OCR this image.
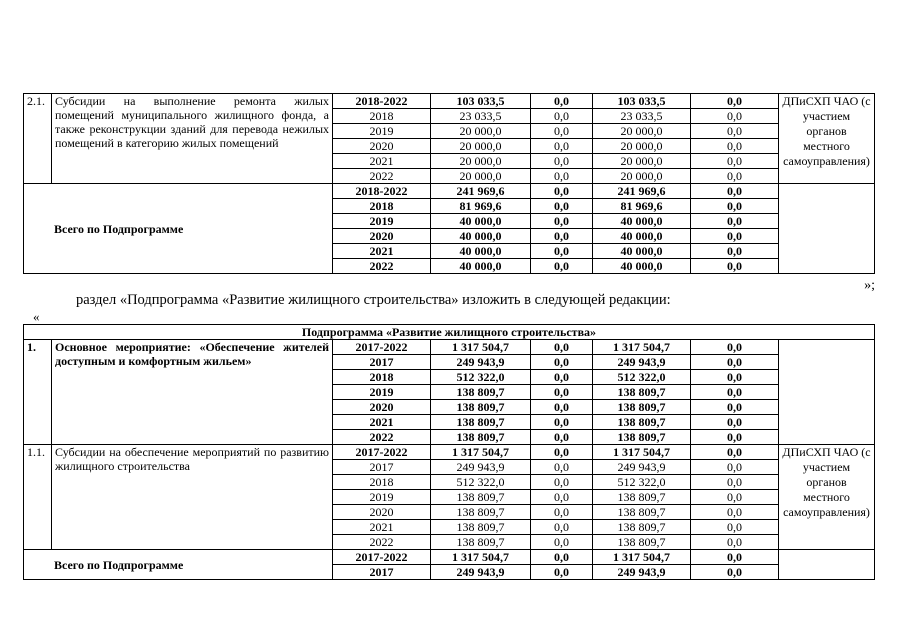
2.1.	Субсидии на выполнение ремонта жилых помещений муниципального жилищного фонда, а также реконструкции зданий для перевода нежилых помещений в категорию жилых помещений	2018-2022	103 033,5	0,0	103 033,5	0,0	ДПиСХП ЧАО (с участием органов местного самоуправления)
		2018	23 033,5	0,0	23 033,5	0,0	
		2019	20 000,0	0,0	20 000,0	0,0	
		2020	20 000,0	0,0	20 000,0	0,0	
		2021	20 000,0	0,0	20 000,0	0,0	
		2022	20 000,0	0,0	20 000,0	0,0	
Всего по Подпрограмме		2018-2022	241 969,6	0,0	241 969,6	0,0	
		2018	81 969,6	0,0	81 969,6	0,0	
		2019	40 000,0	0,0	40 000,0	0,0	
		2020	40 000,0	0,0	40 000,0	0,0	
		2021	40 000,0	0,0	40 000,0	0,0	
		2022	40 000,0	0,0	40 000,0	0,0	
»;
раздел «Подпрограмма «Развитие жилищного строительства» изложить в следующей редакции:
«
Подпрограмма «Развитие жилищного строительства»							
1.	Основное мероприятие: «Обеспечение жителей доступным и комфортным жильем»	2017-2022	1 317 504,7	0,0	1 317 504,7	0,0	
		2017	249 943,9	0,0	249 943,9	0,0	
		2018	512 322,0	0,0	512 322,0	0,0	
		2019	138 809,7	0,0	138 809,7	0,0	
		2020	138 809,7	0,0	138 809,7	0,0	
		2021	138 809,7	0,0	138 809,7	0,0	
		2022	138 809,7	0,0	138 809,7	0,0	
1.1.	Субсидии на обеспечение мероприятий по развитию жилищного строительства	2017-2022	1 317 504,7	0,0	1 317 504,7	0,0	ДПиСХП ЧАО (с участием органов местного самоуправления)
		2017	249 943,9	0,0	249 943,9	0,0	
		2018	512 322,0	0,0	512 322,0	0,0	
		2019	138 809,7	0,0	138 809,7	0,0	
		2020	138 809,7	0,0	138 809,7	0,0	
		2021	138 809,7	0,0	138 809,7	0,0	
		2022	138 809,7	0,0	138 809,7	0,0	
Всего по Подпрограмме		2017-2022	1 317 504,7	0,0	1 317 504,7	0,0	
		2017	249 943,9	0,0	249 943,9	0,0	
